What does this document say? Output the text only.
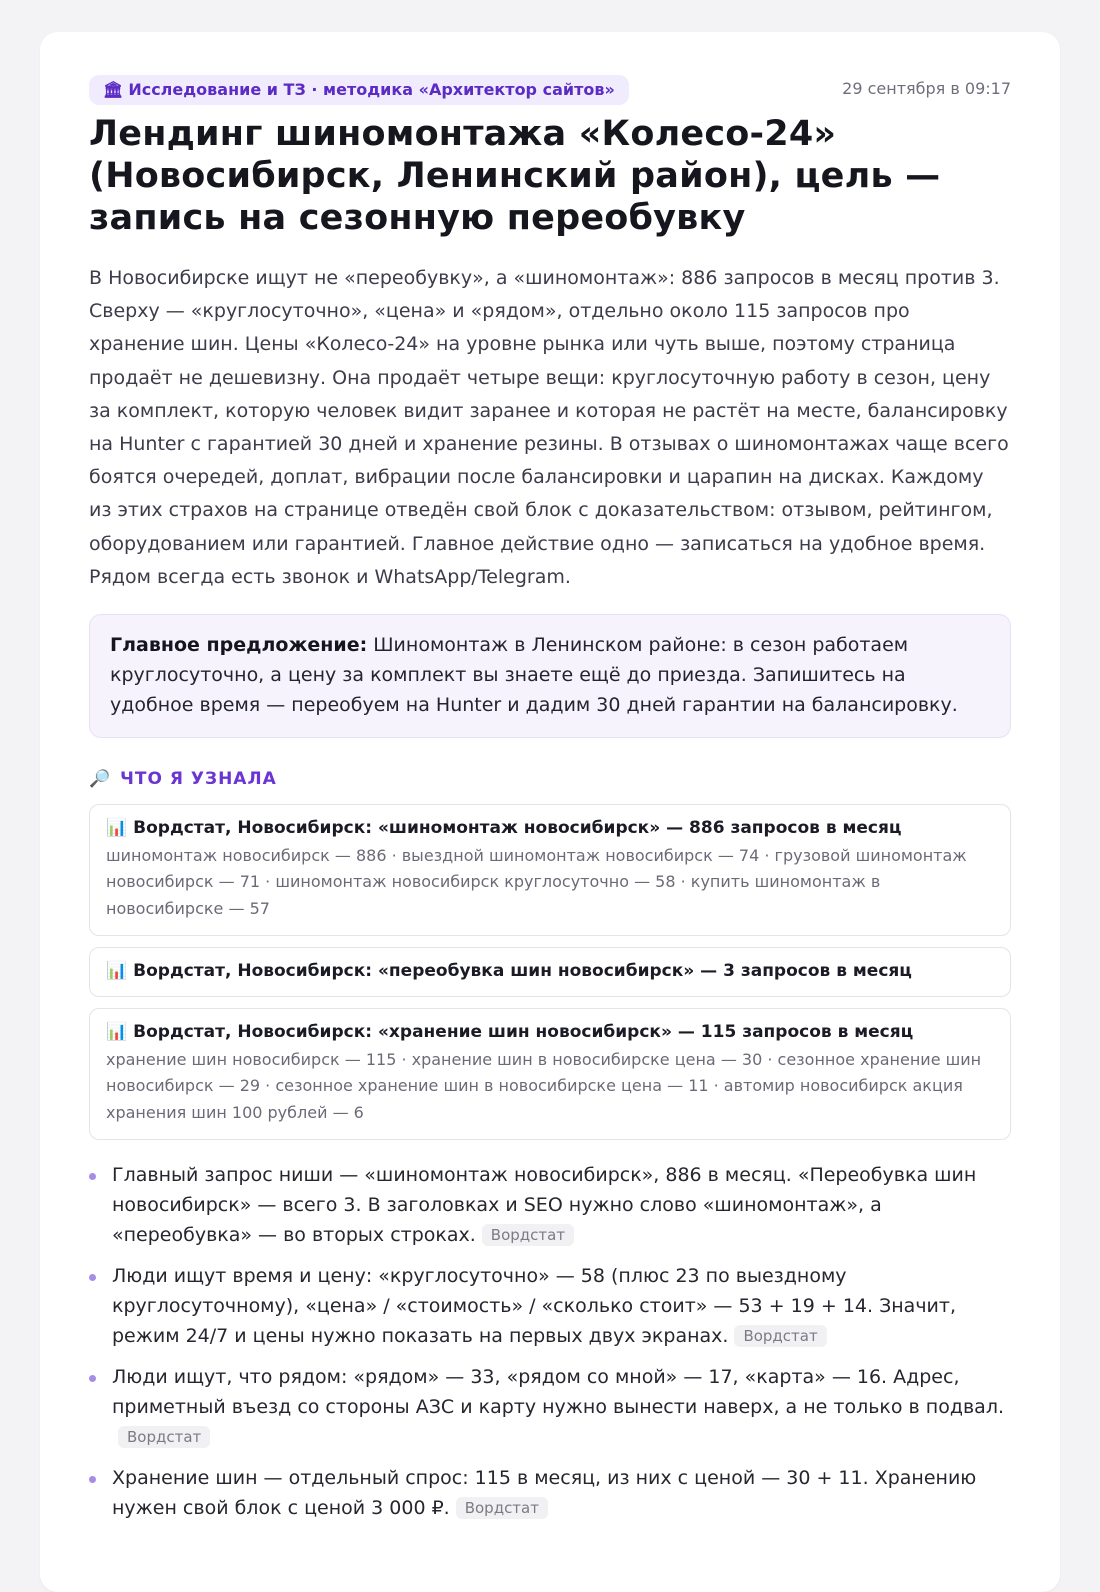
🏛 Исследование и ТЗ · методика «Архитектор сайтов»	29 сентября в 09:17
Лендинг шиномонтажа «Колесо-24» (Новосибирск, Ленинский район), цель — запись на сезонную переобувку

В Новосибирске ищут не «переобувку», а «шиномонтаж»: 886 запросов в месяц против 3. Сверху — «круглосуточно», «цена» и «рядом», отдельно около 115 запросов про хранение шин. Цены «Колесо-24» на уровне рынка или чуть выше, поэтому страница продаёт не дешевизну. Она продаёт четыре вещи: круглосуточную работу в сезон, цену за комплект, которую человек видит заранее и которая не растёт на месте, балансировку на Hunter с гарантией 30 дней и хранение резины. В отзывах о шиномонтажах чаще всего боятся очередей, доплат, вибрации после балансировки и царапин на дисках. Каждому из этих страхов на странице отведён свой блок с доказательством: отзывом, рейтингом, оборудованием или гарантией. Главное действие одно — записаться на удобное время. Рядом всегда есть звонок и WhatsApp/Telegram.

Главное предложение: Шиномонтаж в Ленинском районе: в сезон работаем круглосуточно, а цену за комплект вы знаете ещё до приезда. Запишитесь на удобное время — переобуем на Hunter и дадим 30 дней гарантии на балансировку.
🔎 ЧТО Я УЗНАЛА
📊 Вордстат, Новосибирск: «шиномонтаж новосибирск» — 886 запросов в месяц
шиномонтаж новосибирск — 886 · выездной шиномонтаж новосибирск — 74 · грузовой шиномонтаж новосибирск — 71 · шиномонтаж новосибирск круглосуточно — 58 · купить шиномонтаж в новосибирске — 57
📊 Вордстат, Новосибирск: «переобувка шин новосибирск» — 3 запросов в месяц
📊 Вордстат, Новосибирск: «хранение шин новосибирск» — 115 запросов в месяц
хранение шин новосибирск — 115 · хранение шин в новосибирске цена — 30 · сезонное хранение шин новосибирск — 29 · сезонное хранение шин в новосибирске цена — 11 · автомир новосибирск акция хранения шин 100 рублей — 6
Главный запрос ниши — «шиномонтаж новосибирск», 886 в месяц. «Переобувка шин новосибирск» — всего 3. В заголовках и SEO нужно слово «шиномонтаж», а «переобувка» — во вторых строках. Вордстат
Люди ищут время и цену: «круглосуточно» — 58 (плюс 23 по выездному круглосуточному), «цена» / «стоимость» / «сколько стоит» — 53 + 19 + 14. Значит, режим 24/7 и цены нужно показать на первых двух экранах. Вордстат
Люди ищут, что рядом: «рядом» — 33, «рядом со мной» — 17, «карта» — 16. Адрес, приметный въезд со стороны АЗС и карту нужно вынести наверх, а не только в подвал.Вордстат
Хранение шин — отдельный спрос: 115 в месяц, из них с ценой — 30 + 11. Хранению нужен свой блок с ценой 3 000 ₽. Вордстат
